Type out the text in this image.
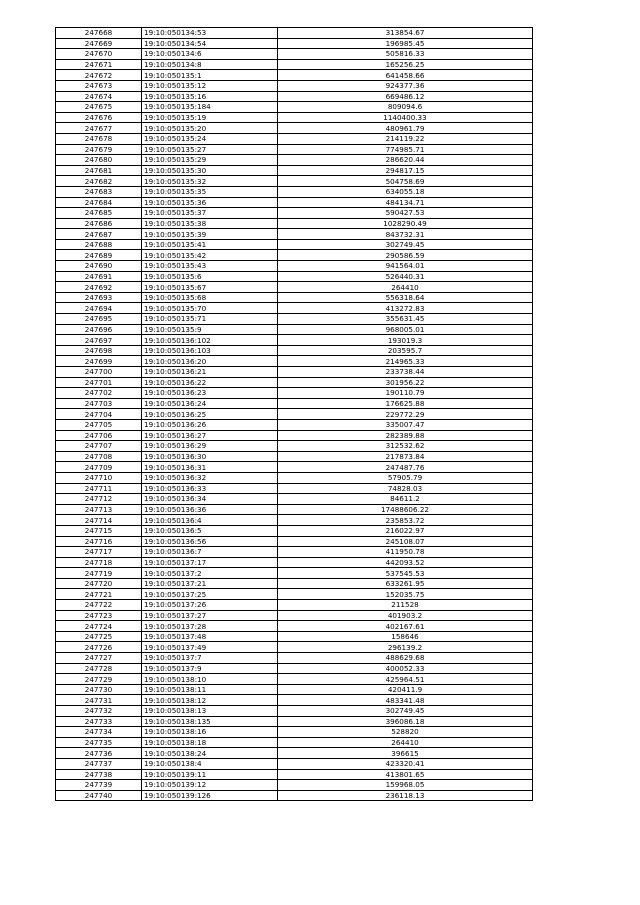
247668	19:10:050134:53	313854.67
247669	19:10:050134:54	196985.45
247670	19:10:050134:6	505816.33
247671	19:10:050134:8	165256.25
247672	19:10:050135:1	641458.66
247673	19:10:050135:12	924377.36
247674	19:10:050135:16	669486.12
247675	19:10:050135:184	809094.6
247676	19:10:050135:19	1140400.33
247677	19:10:050135:20	480961.79
247678	19:10:050135:24	214119.22
247679	19:10:050135:27	774985.71
247680	19:10:050135:29	286620.44
247681	19:10:050135:30	294817.15
247682	19:10:050135:32	504758.69
247683	19:10:050135:35	634055.18
247684	19:10:050135:36	484134.71
247685	19:10:050135:37	590427.53
247686	19:10:050135:38	1028290.49
247687	19:10:050135:39	843732.31
247688	19:10:050135:41	302749.45
247689	19:10:050135:42	290586.59
247690	19:10:050135:43	941564.01
247691	19:10:050135:6	526440.31
247692	19:10:050135:67	264410
247693	19:10:050135:68	556318.64
247694	19:10:050135:70	413272.83
247695	19:10:050135:71	355631.45
247696	19:10:050135:9	968005.01
247697	19:10:050136:102	193019.3
247698	19:10:050136:103	203595.7
247699	19:10:050136:20	214965.33
247700	19:10:050136:21	233738.44
247701	19:10:050136:22	301956.22
247702	19:10:050136:23	190110.79
247703	19:10:050136:24	176625.88
247704	19:10:050136:25	229772.29
247705	19:10:050136:26	335007.47
247706	19:10:050136:27	282389.88
247707	19:10:050136:29	312532.62
247708	19:10:050136:30	217873.84
247709	19:10:050136:31	247487.76
247710	19:10:050136:32	57905.79
247711	19:10:050136:33	74828.03
247712	19:10:050136:34	84611.2
247713	19:10:050136:36	17488606.22
247714	19:10:050136:4	235853.72
247715	19:10:050136:5	216022.97
247716	19:10:050136:56	245108.07
247717	19:10:050136:7	411950.78
247718	19:10:050137:17	442093.52
247719	19:10:050137:2	537545.53
247720	19:10:050137:21	633261.95
247721	19:10:050137:25	152035.75
247722	19:10:050137:26	211528
247723	19:10:050137:27	401903.2
247724	19:10:050137:28	402167.61
247725	19:10:050137:48	158646
247726	19:10:050137:49	296139.2
247727	19:10:050137:7	488629.68
247728	19:10:050137:9	400052.33
247729	19:10:050138:10	425964.51
247730	19:10:050138:11	420411.9
247731	19:10:050138:12	483341.48
247732	19:10:050138:13	302749.45
247733	19:10:050138:135	396086.18
247734	19:10:050138:16	528820
247735	19:10:050138:18	264410
247736	19:10:050138:24	396615
247737	19:10:050138:4	423320.41
247738	19:10:050139:11	413801.65
247739	19:10:050139:12	159968.05
247740	19:10:050139:126	236118.13
